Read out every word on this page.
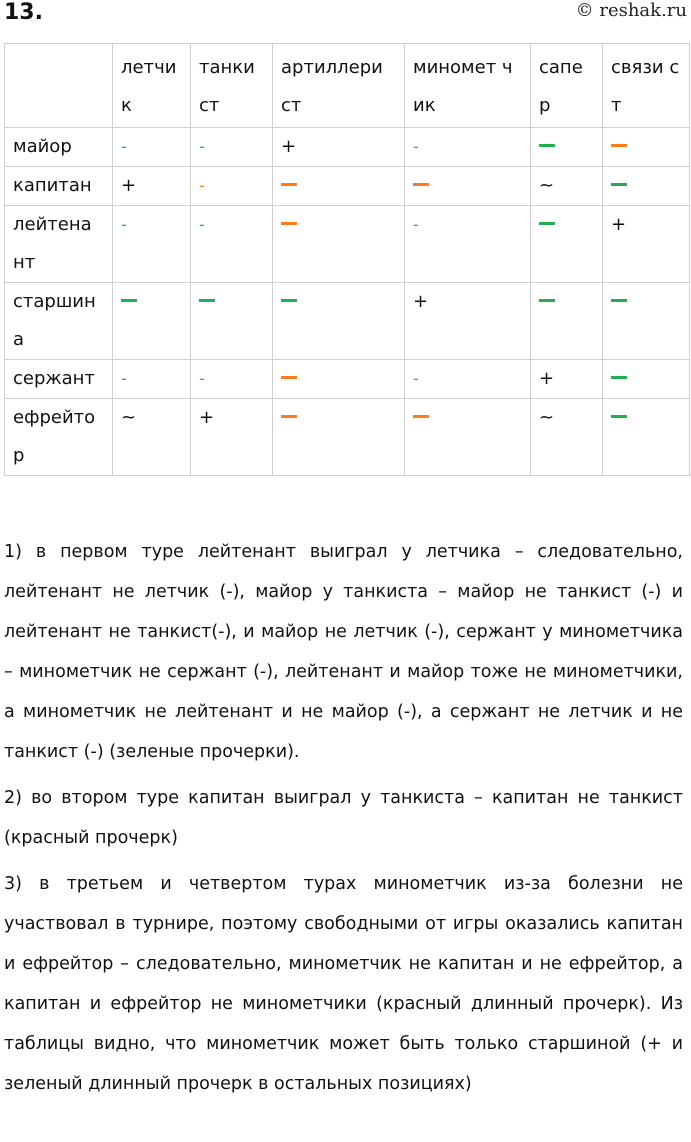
13.	© reshak.ru
	летчи к	танки ст	артиллери ст	миномет чик	сапе р	связи ст
майор	-	-	+	-		
капитан	+	-			~	
лейтена нт	-	-		-		+
старшин а				+		
сержант	-	-		-	+	
ефрейто р	~	+			~	

1) в первом туре лейтенант выиграл у летчика – следовательно, лейтенант не летчик (-), майор у танкиста – майор не танкист (-) и лейтенант не танкист(-), и майор не летчик (-), сержант у минометчика – минометчик не сержант (-), лейтенант и майор тоже не минометчики, а минометчик не лейтенант и не майор (-), а сержант не летчик и не танкист (-) (зеленые прочерки).

2) во втором туре капитан выиграл у танкиста – капитан не танкист (красный прочерк)

3) в третьем и четвертом турах минометчик из-за болезни не участвовал в турнире, поэтому свободными от игры оказались капитан и ефрейтор – следовательно, минометчик не капитан и не ефрейтор, а капитан и ефрейтор не минометчики (красный длинный прочерк). Из таблицы видно, что минометчик может быть только старшиной (+ и зеленый длинный прочерк в остальных позициях)
